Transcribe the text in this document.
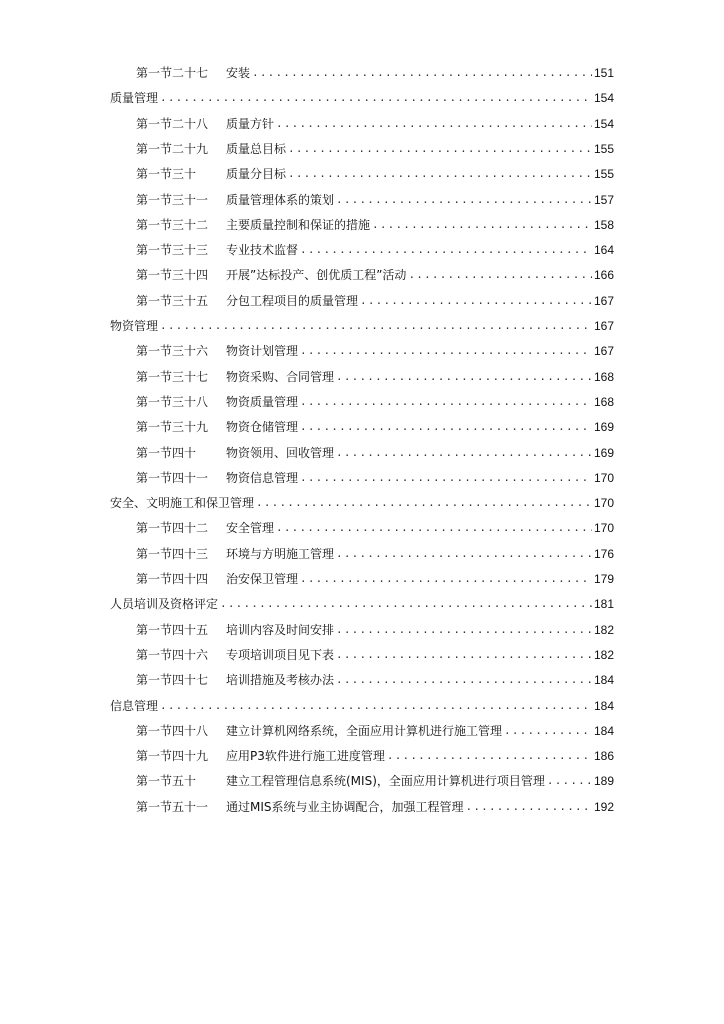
第一节二十七	安装 .....	151
质量管理 .....	154
第一节二十八	质量方针 .....	154
第一节二十九	质量总目标 .....	155
第一节三十	质量分目标 .....	155
第一节三十一	质量管理体系的策划 .....	157
第一节三十二	主要质量控制和保证的措施 .....	158
第一节三十三	专业技术监督 .....	164
第一节三十四	开展”达标投产、创优质工程”活动 .....	166
第一节三十五	分包工程项目的质量管理 .....	167
物资管理 .....	167
第一节三十六	物资计划管理 .....	167
第一节三十七	物资采购、合同管理 .....	168
第一节三十八	物资质量管理 .....	168
第一节三十九	物资仓储管理 .....	169
第一节四十	物资领用、回收管理 .....	169
第一节四十一	物资信息管理 .....	170
安全、文明施工和保卫管理 .....	170
第一节四十二	安全管理 .....	170
第一节四十三	环境与方明施工管理 .....	176
第一节四十四	治安保卫管理 .....	179
人员培训及资格评定 .....	181
第一节四十五	培训内容及时间安排 .....	182
第一节四十六	专项培训项目见下表 .....	182
第一节四十七	培训措施及考核办法 .....	184
信息管理 .....	184
第一节四十八	建立计算机网络系统，全面应用计算机进行施工管理 .....	184
第一节四十九	应用P3软件进行施工进度管理 .....	186
第一节五十	建立工程管理信息系统(MIS)，全面应用计算机进行项目管理 .....	189
第一节五十一	通过MIS系统与业主协调配合，加强工程管理 .....	192
